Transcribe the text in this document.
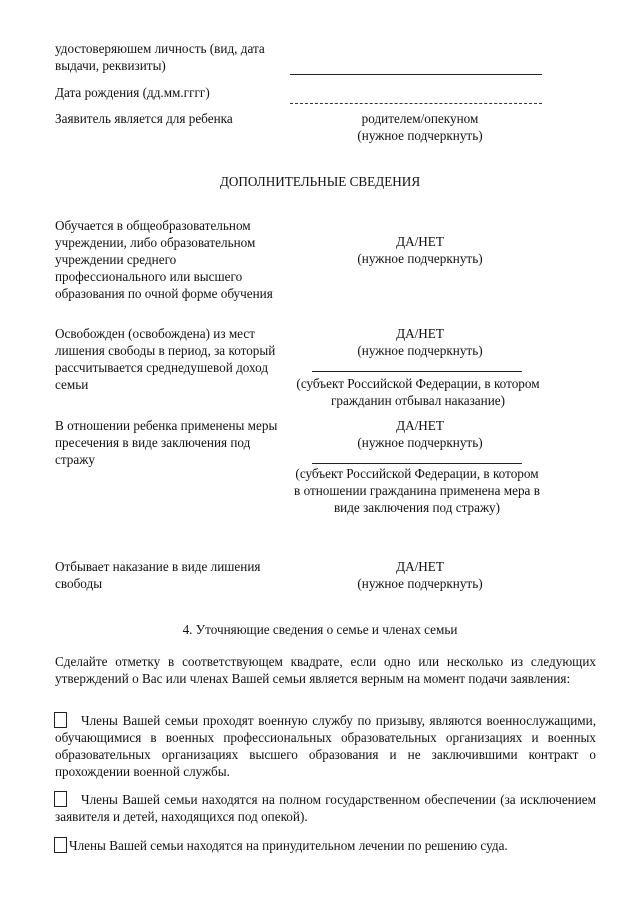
удостоверяюшем личность (вид, дата
выдачи, реквизиты)
Дата рождения (дд.мм.гггг)
Заявитель является для ребенка	родителем/опекуном
(нужное подчеркнуть)
ДОПОЛНИТЕЛЬНЫЕ СВЕДЕНИЯ
Обучается в общеобразовательном учреждении, либо образовательном учреждении среднего профессионального или высшего образования по очной форме обучения
ДА/НЕТ
(нужное подчеркнуть)
Освобожден (освобождена) из мест лишения свободы в период, за который рассчитывается среднедушевой доход семьи
ДА/НЕТ
(нужное подчеркнуть)
(субъект Российской Федерации, в котором гражданин отбывал наказание)
В отношении ребенка применены меры пресечения в виде заключения под стражу
ДА/НЕТ
(нужное подчеркнуть)
(субъект Российской Федерации, в котором в отношении гражданина применена мера в виде заключения под стражу)
Отбывает наказание в виде лишения свободы
ДА/НЕТ
(нужное подчеркнуть)
4. Уточняющие сведения о семье и членах семьи
Сделайте отметку в соответствующем квадрате, если одно или несколько из следующих утверждений о Вас или членах Вашей семьи является верным на момент подачи заявления:
Члены Вашей семьи проходят военную службу по призыву, являются военнослужащими, обучающимися в военных профессиональных образовательных организациях и военных образовательных организациях высшего образования и не заключившими контракт о прохождении военной службы.
Члены Вашей семьи находятся на полном государственном обеспечении (за исключением заявителя и детей, находящихся под опекой).
Члены Вашей семьи находятся на принудительном лечении по решению суда.
